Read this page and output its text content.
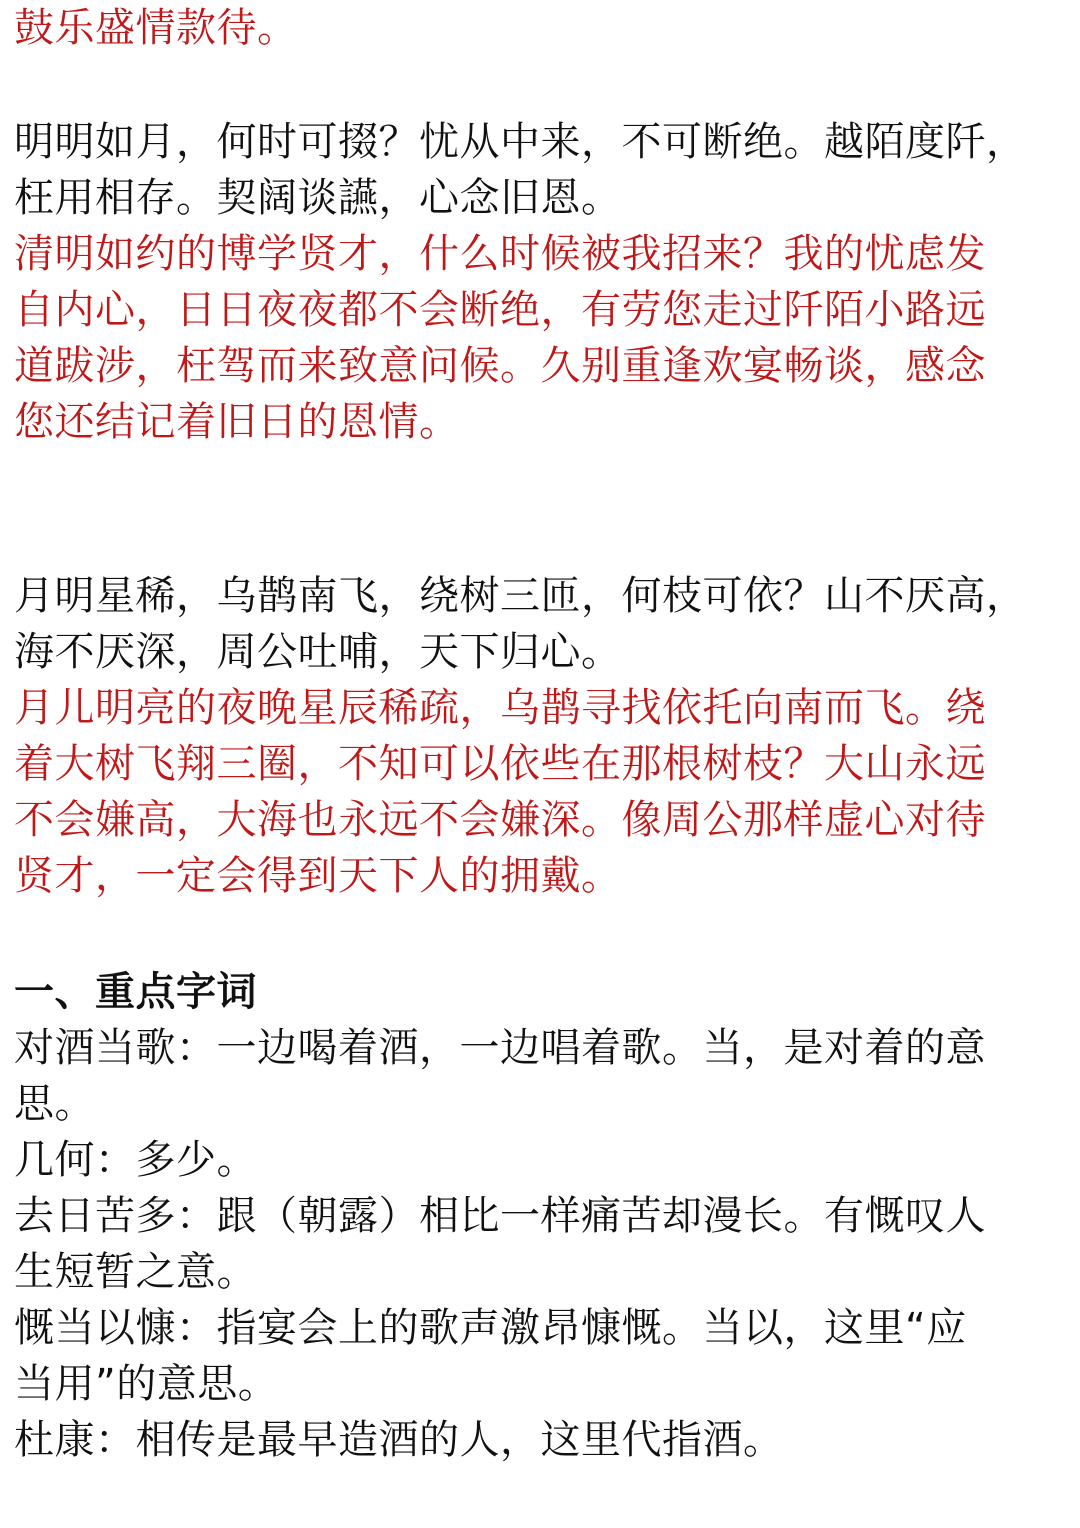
鼓乐盛情款待。

明明如月，何时可掇？忧从中来，不可断绝。越陌度阡，

枉用相存。契阔谈讌，心念旧恩。

清明如约的博学贤才，什么时候被我招来？我的忧虑发

自内心，日日夜夜都不会断绝，有劳您走过阡陌小路远

道跋涉，枉驾而来致意问候。久别重逢欢宴畅谈，感念

您还结记着旧日的恩情。

月明星稀，乌鹊南飞，绕树三匝，何枝可依？山不厌高，

海不厌深，周公吐哺，天下归心。

月儿明亮的夜晚星辰稀疏，乌鹊寻找依托向南而飞。绕

着大树飞翔三圈，不知可以依些在那根树枝？大山永远

不会嫌高，大海也永远不会嫌深。像周公那样虚心对待

贤才，一定会得到天下人的拥戴。

一、重点字词

对酒当歌：一边喝着酒，一边唱着歌。当，是对着的意

思。

几何：多少。

去日苦多：跟（朝露）相比一样痛苦却漫长。有慨叹人

生短暂之意。

慨当以慷：指宴会上的歌声激昂慷慨。当以，这里“应

当用”的意思。

杜康：相传是最早造酒的人，这里代指酒。
